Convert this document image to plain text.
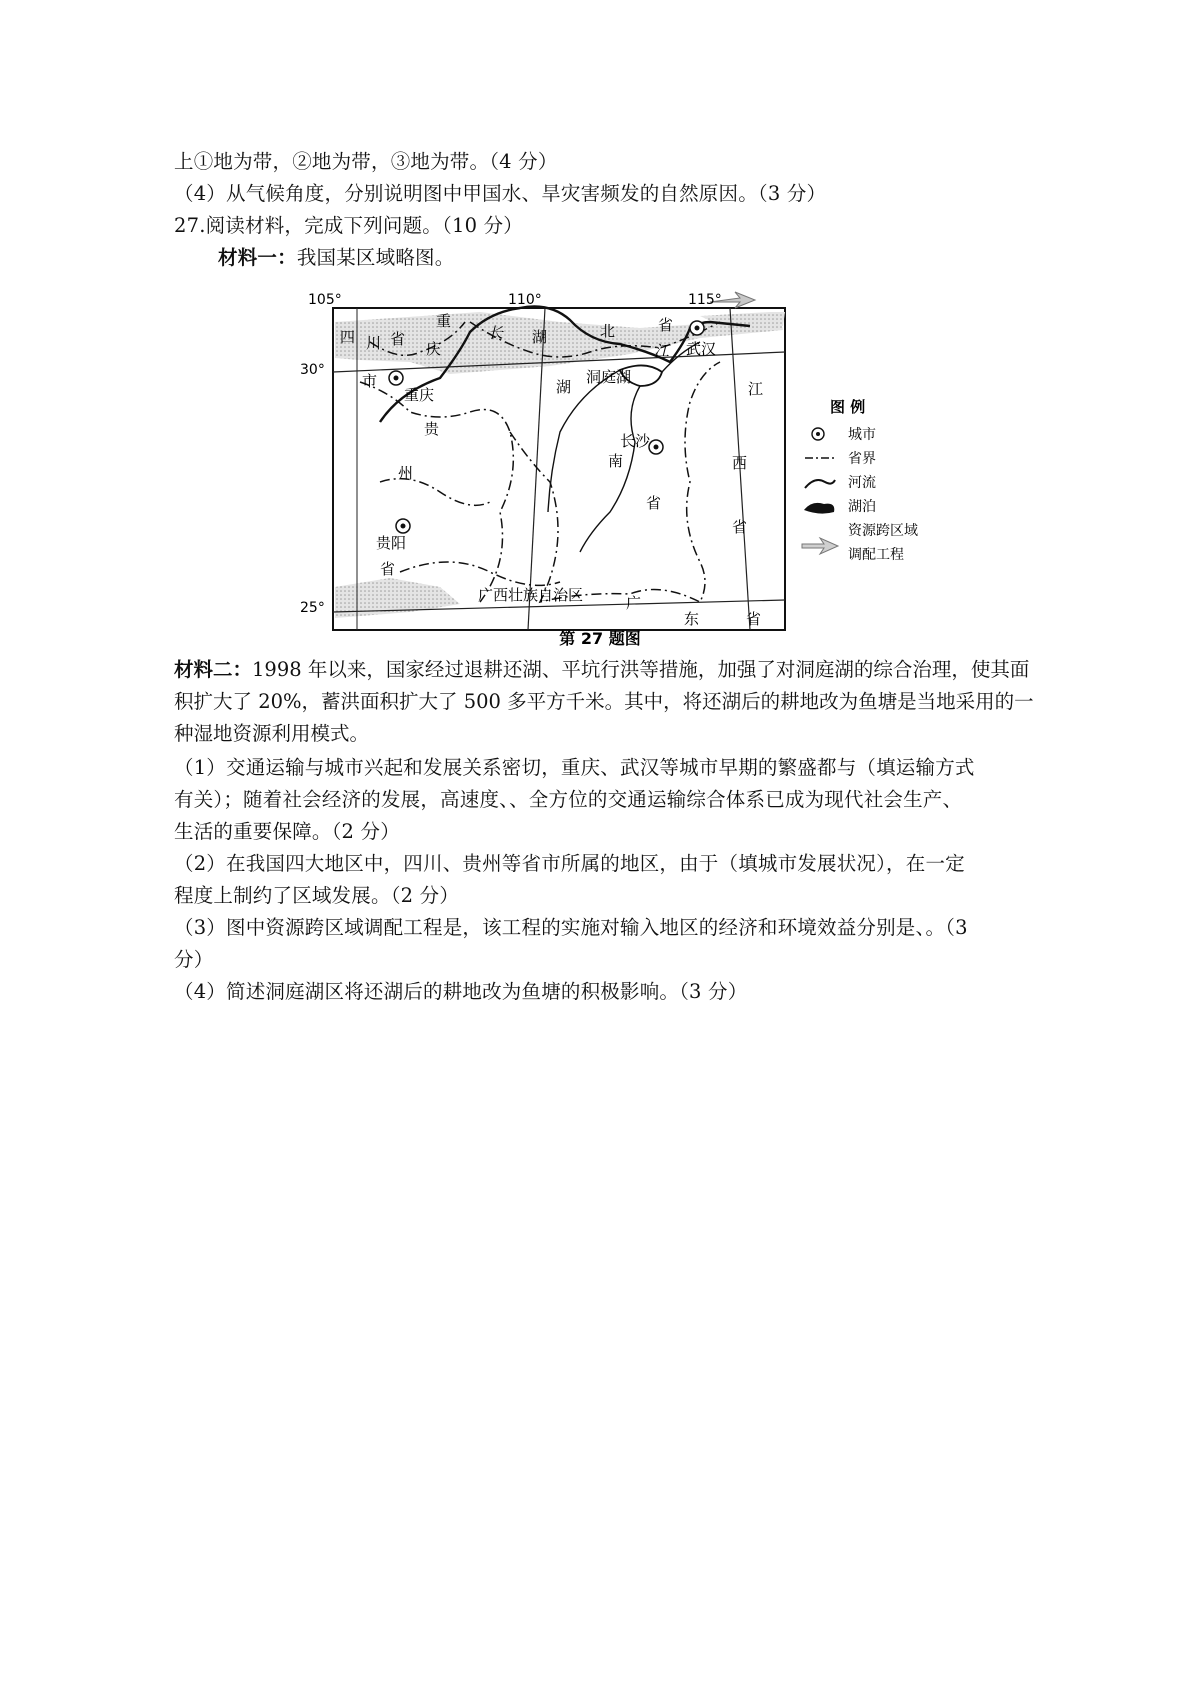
上①地为带，②地为带，③地为带。（4 分）
（4）从气候角度，分别说明图中甲国水、旱灾害频发的自然原因。（3 分）
27.阅读材料，完成下列问题。（10 分）
材料一：我国某区域略图。
105°	110°	115°
30°
25°
四 川 省
重
庆
市
重庆
长
江
湖	北	省
武汉
洞庭湖
湖
南
省
长沙
江
西
省
贵
州
贵阳
省
广西壮族自治区	广
东	省
图 例
城市
省界
河流
湖泊
资源跨区域
调配工程
第 27 题图
材料二：1998 年以来，国家经过退耕还湖、平坑行洪等措施，加强了对洞庭湖的综合治理，使其面积扩大了 20%，蓄洪面积扩大了 500 多平方千米。其中，将还湖后的耕地改为鱼塘是当地采用的一种湿地资源利用模式。
（1）交通运输与城市兴起和发展关系密切，重庆、武汉等城市早期的繁盛都与（填运输方式
有关）；随着社会经济的发展，高速度、、全方位的交通运输综合体系已成为现代社会生产、
生活的重要保障。（2 分）
（2）在我国四大地区中，四川、贵州等省市所属的地区，由于（填城市发展状况），在一定
程度上制约了区域发展。（2 分）
（3）图中资源跨区域调配工程是，该工程的实施对输入地区的经济和环境效益分别是、。（3
分）
（4）简述洞庭湖区将还湖后的耕地改为鱼塘的积极影响。（3 分）
